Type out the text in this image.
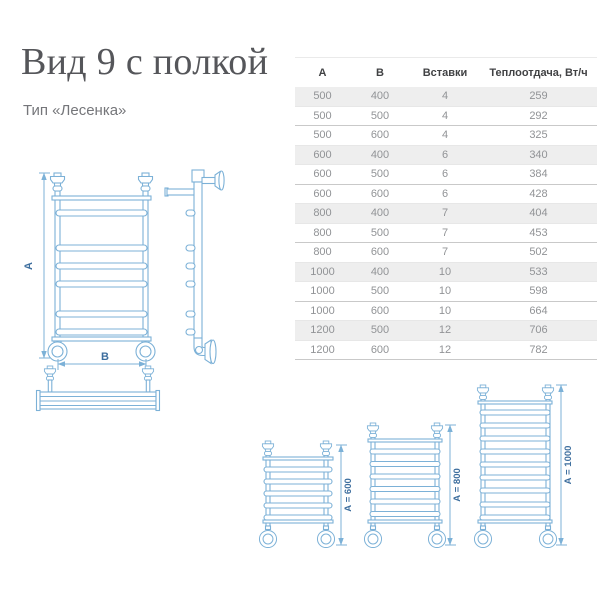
Вид 9 с полкой
Тип «Лесенка»
А	В	Вставки	Теплоотдача, Вт/ч
500	400	4	259
500	500	4	292
500	600	4	325
600	400	6	340
600	500	6	384
600	600	6	428
800	400	7	404
800	500	7	453
800	600	7	502
1000	400	10	533
1000	500	10	598
1000	600	10	664
1200	500	12	706
1200	600	12	782
А
В
А = 600	А = 800
А = 1000
